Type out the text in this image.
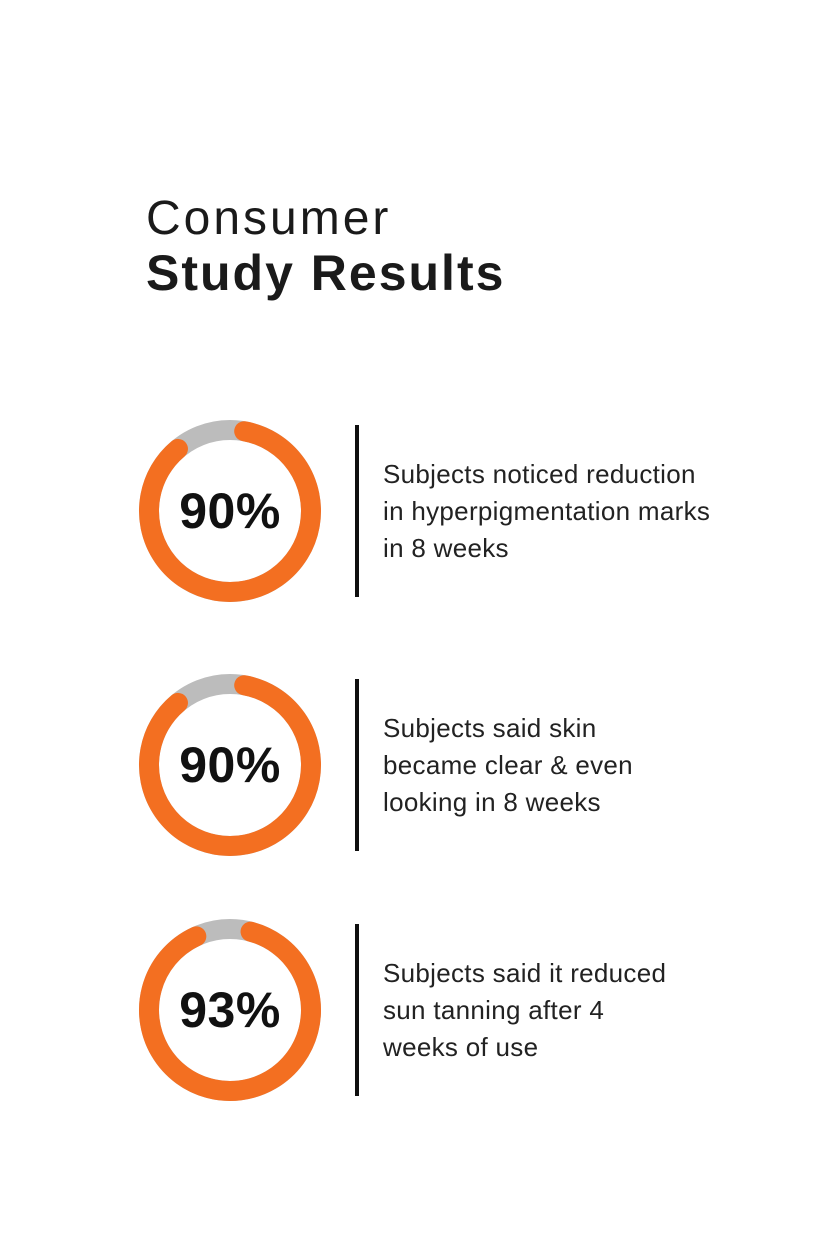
Consumer
Study Results
90%
Subjects noticed reduction
in hyperpigmentation marks
in 8 weeks
90%
Subjects said skin
became clear & even
looking in 8 weeks
93%
Subjects said it reduced
sun tanning after 4
weeks of use
